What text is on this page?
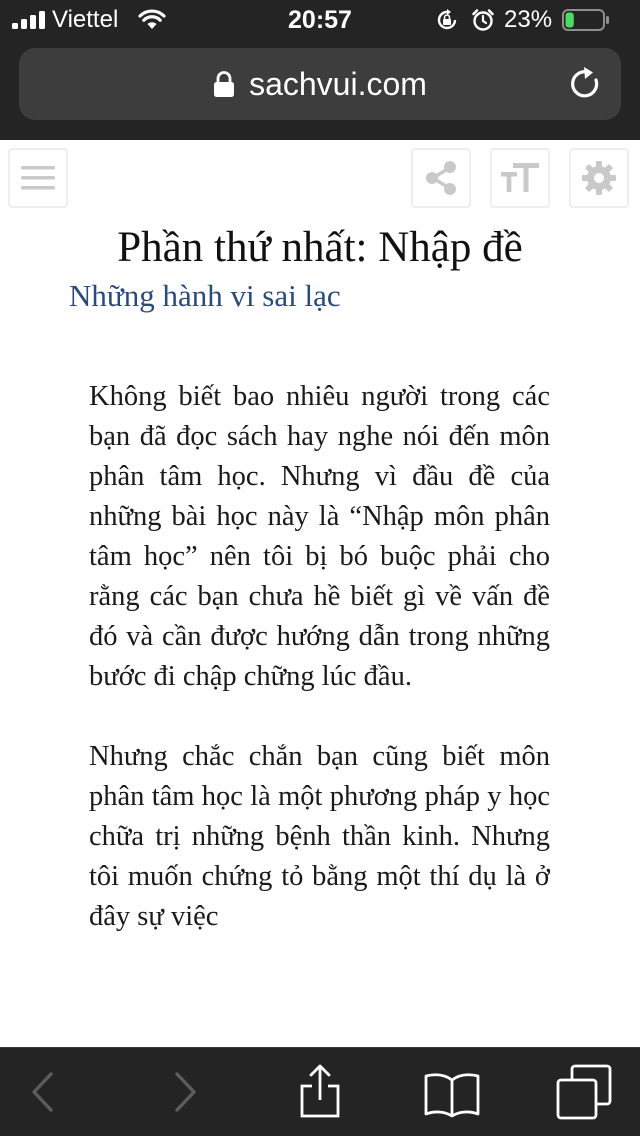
Viettel	20:57	23%
sachvui.com
Phần thứ nhất: Nhập đề
Những hành vi sai lạc

Không biết bao nhiêu người trong các bạn đã đọc sách hay nghe nói đến môn phân tâm học. Nhưng vì đầu đề của những bài học này là “Nhập môn phân tâm học” nên tôi bị bó buộc phải cho rằng các bạn chưa hề biết gì về vấn đề đó và cần được hướng dẫn trong những bước đi chập chững lúc đầu.

Nhưng chắc chắn bạn cũng biết môn phân tâm học là một phương pháp y học chữa trị những bệnh thần kinh. Nhưng tôi muốn chứng tỏ bằng một thí dụ là ở đây sự việc
